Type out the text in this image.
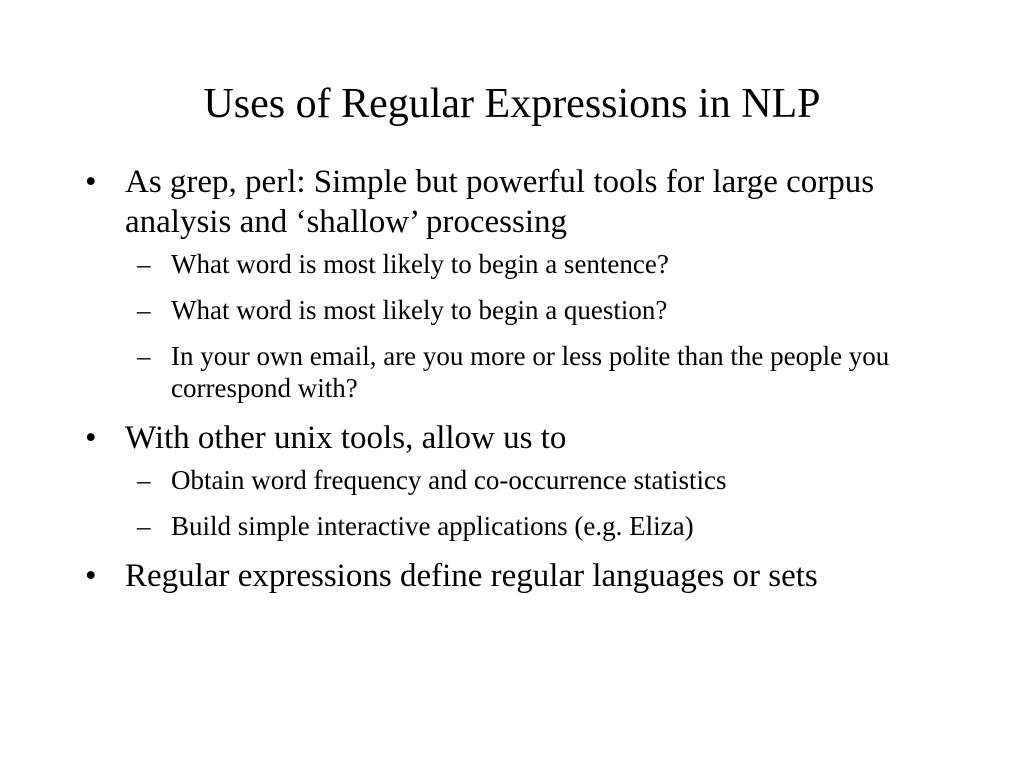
Uses of Regular Expressions in NLP
• As grep, perl: Simple but powerful tools for large corpus analysis and ‘shallow’ processing
– What word is most likely to begin a sentence?
– What word is most likely to begin a question?
– In your own email, are you more or less polite than the people you correspond with?
• With other unix tools, allow us to
– Obtain word frequency and co-occurrence statistics
– Build simple interactive applications (e.g. Eliza)
• Regular expressions define regular languages or sets
